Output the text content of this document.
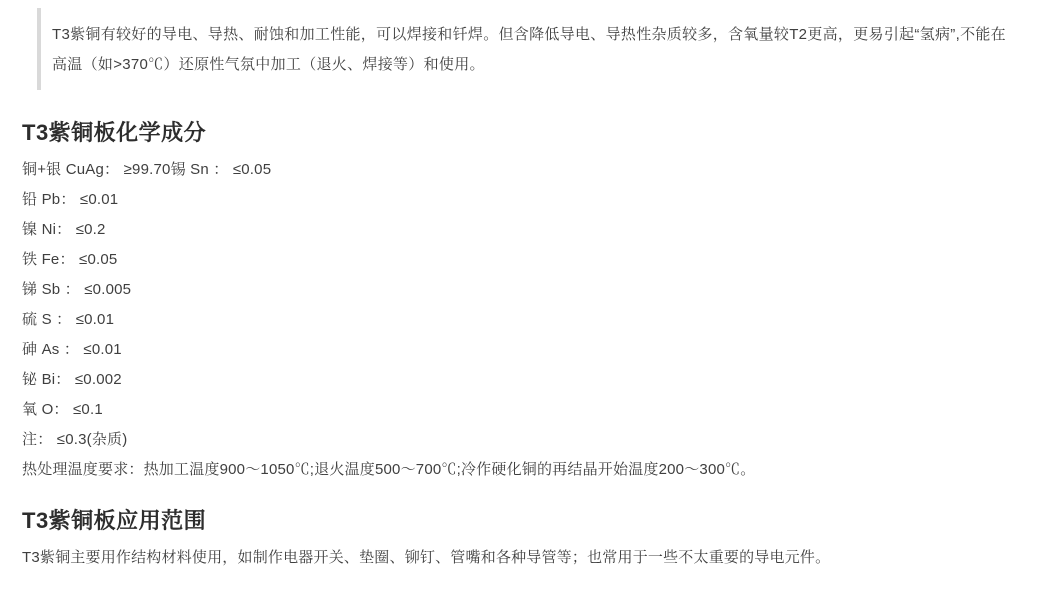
T3紫铜有较好的导电、导热、耐蚀和加工性能，可以焊接和钎焊。但含降低导电、导热性杂质较多，含氧量较T2更高，更易引起“氢病”,不能在高温（如>370℃）还原性气氛中加工（退火、焊接等）和使用。

T3紫铜板化学成分

铜+银 CuAg： ≥99.70锡 Sn ： ≤0.05

铅 Pb： ≤0.01

镍 Ni： ≤0.2

铁 Fe： ≤0.05

锑 Sb ： ≤0.005

硫 S ： ≤0.01

砷 As ： ≤0.01

铋 Bi： ≤0.002

氧 O： ≤0.1

注： ≤0.3(杂质)

热处理温度要求：热加工温度900～1050℃;退火温度500～700℃;冷作硬化铜的再结晶开始温度200～300℃。

T3紫铜板应用范围

T3紫铜主要用作结构材料使用，如制作电器开关、垫圈、铆钉、管嘴和各种导管等；也常用于一些不太重要的导电元件。
